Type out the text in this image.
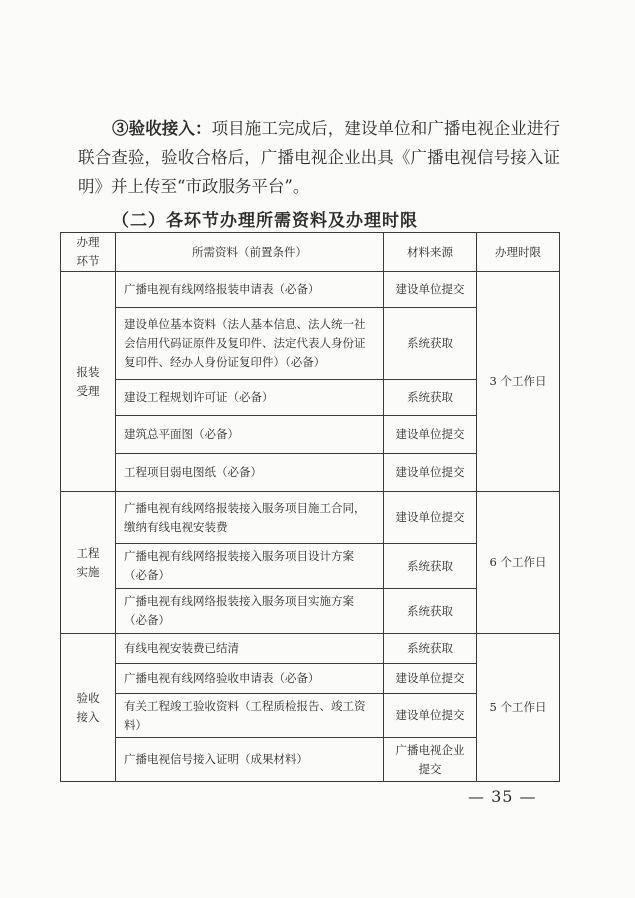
③验收接入：项目施工完成后，建设单位和广播电视企业进行联合查验，验收合格后，广播电视企业出具《广播电视信号接入证明》并上传至“市政服务平台”。

（二）各环节办理所需资料及办理时限
办理
环节	所需资料（前置条件）	材料来源	办理时限
报装
受理	广播电视有线网络报装申请表（必备）	建设单位提交	3 个工作日
	建设单位基本资料（法人基本信息、法人统一社会信用代码证原件及复印件、法定代表人身份证复印件、经办人身份证复印件）（必备）	系统获取	
	建设工程规划许可证（必备）	系统获取	
	建筑总平面图（必备）	建设单位提交	
	工程项目弱电图纸（必备）	建设单位提交	
工程
实施	广播电视有线网络报装接入服务项目施工合同，缴纳有线电视安装费	建设单位提交	6 个工作日
	广播电视有线网络报装接入服务项目设计方案（必备）	系统获取	
	广播电视有线网络报装接入服务项目实施方案（必备）	系统获取	
验收
接入	有线电视安装费已结清	系统获取	5 个工作日
	广播电视有线网络验收申请表（必备）	建设单位提交	
	有关工程竣工验收资料（工程质检报告、竣工资料）	建设单位提交	
	广播电视信号接入证明（成果材料）	广播电视企业
提交	
— 35 —
